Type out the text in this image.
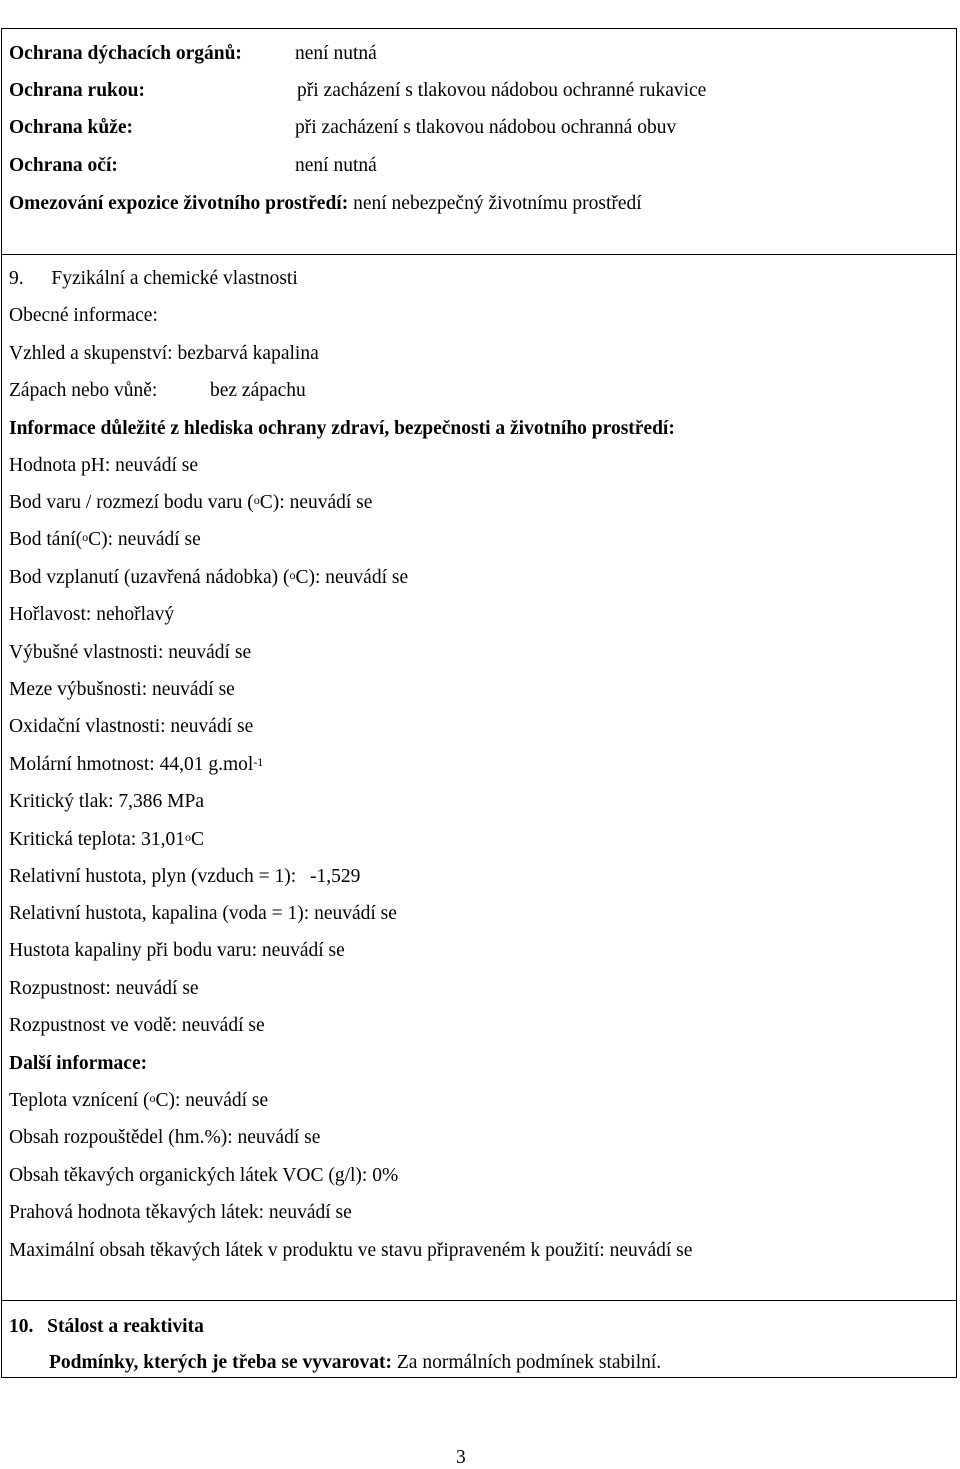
Ochrana dýchacích orgánů:	není nutná
Ochrana rukou:	při zacházení s tlakovou nádobou ochranné rukavice
Ochrana kůže:	při zacházení s tlakovou nádobou ochranná obuv
Ochrana očí:	není nutná
Omezování expozice životního prostředí: není nebezpečný životnímu prostředí
9. Fyzikální a chemické vlastnosti
Obecné informace:
Vzhled a skupenství: bezbarvá kapalina
Zápach nebo vůně:	bez zápachu
Informace důležité z hlediska ochrany zdraví, bezpečnosti a životního prostředí:
Hodnota pH: neuvádí se
Bod varu / rozmezí bodu varu ($^o$C): neuvádí se
Bod tání($^o$C): neuvádí se
Bod vzplanutí (uzavřená nádobka) ($^o$C): neuvádí se
Hořlavost: nehořlavý
Výbušné vlastnosti: neuvádí se
Meze výbušnosti: neuvádí se
Oxidační vlastnosti: neuvádí se
Molární hmotnost: 44,01 g.mol$^{-1}$
Kritický tlak: 7,386 MPa
Kritická teplota: 31,01$^o$C
Relativní hustota, plyn (vzduch = 1): -1,529
Relativní hustota, kapalina (voda = 1): neuvádí se
Hustota kapaliny při bodu varu: neuvádí se
Rozpustnost: neuvádí se
Rozpustnost ve vodě: neuvádí se
Další informace:
Teplota vznícení ($^o$C): neuvádí se
Obsah rozpouštědel (hm.%): neuvádí se
Obsah těkavých organických látek VOC (g/l): 0%
Prahová hodnota těkavých látek: neuvádí se
Maximální obsah těkavých látek v produktu ve stavu připraveném k použití: neuvádí se
10. Stálost a reaktivita
Podmínky, kterých je třeba se vyvarovat: Za normálních podmínek stabilní.
3
